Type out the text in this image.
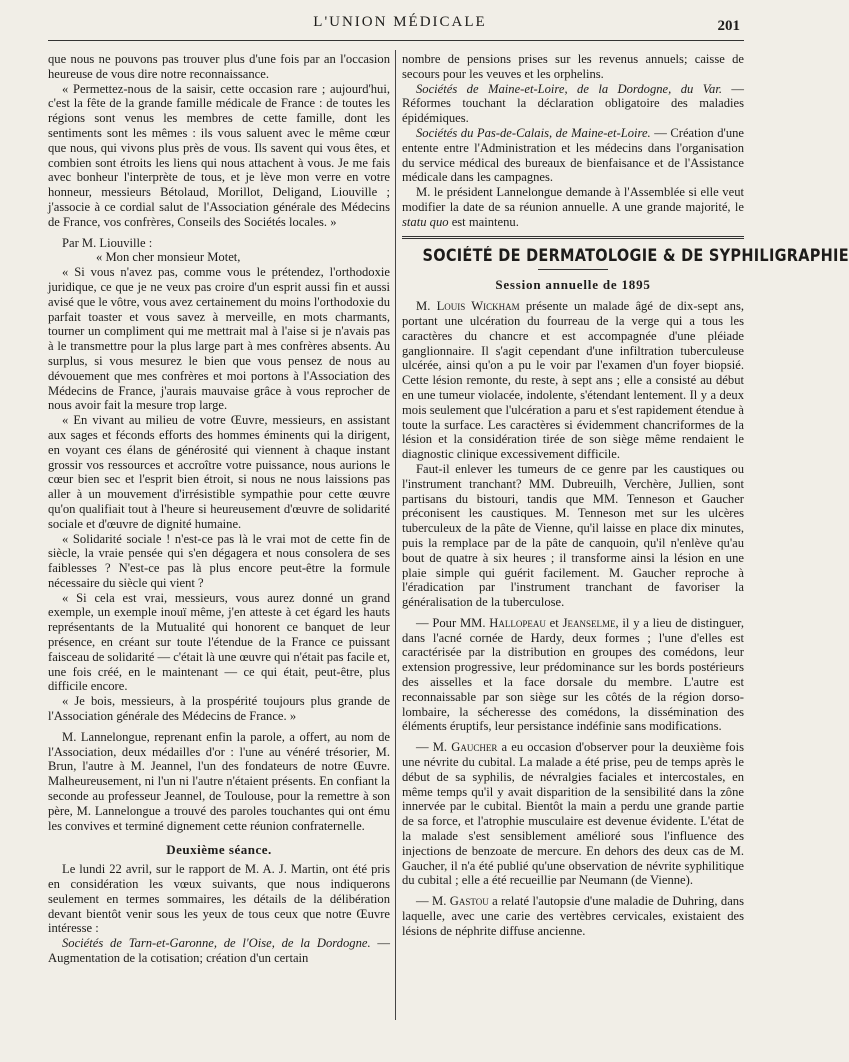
L'UNION MÉDICALE	201

que nous ne pouvons pas trouver plus d'une fois par an l'occasion heureuse de vous dire notre reconnaissance.

« Permettez-nous de la saisir, cette occasion rare ; aujourd'hui, c'est la fête de la grande famille médicale de France : de toutes les régions sont venus les membres de cette famille, dont les sentiments sont les mêmes : ils vous saluent avec le même cœur que nous, qui vivons plus près de vous. Ils savent qui vous êtes, et combien sont étroits les liens qui nous attachent à vous. Je me fais avec bonheur l'interprète de tous, et je lève mon verre en votre honneur, messieurs Bétolaud, Morillot, Deligand, Liouville ; j'associe à ce cordial salut de l'Association générale des Médecins de France, vos confrères, Conseils des Sociétés locales. »

Par M. Liouville :

« Mon cher monsieur Motet,

« Si vous n'avez pas, comme vous le prétendez, l'orthodoxie juridique, ce que je ne veux pas croire d'un esprit aussi fin et aussi avisé que le vôtre, vous avez certainement du moins l'orthodoxie du parfait toaster et vous savez à merveille, en mots charmants, tourner un compliment qui me mettrait mal à l'aise si je n'avais pas à le transmettre pour la plus large part à mes confrères absents. Au surplus, si vous mesurez le bien que vous pensez de nous au dévouement que mes confrères et moi portons à l'Association des Médecins de France, j'aurais mauvaise grâce à vous reprocher de nous avoir fait la mesure trop large.

« En vivant au milieu de votre Œuvre, messieurs, en assistant aux sages et féconds efforts des hommes éminents qui la dirigent, en voyant ces élans de générosité qui viennent à chaque instant grossir vos ressources et accroître votre puissance, nous aurions le cœur bien sec et l'esprit bien étroit, si nous ne nous laissions pas aller à un mouvement d'irrésistible sympathie pour cette œuvre qu'on qualifiait tout à l'heure si heureusement d'œuvre de solidarité sociale et d'œuvre de dignité humaine.

« Solidarité sociale ! n'est-ce pas là le vrai mot de cette fin de siècle, la vraie pensée qui s'en dégagera et nous consolera de ses faiblesses ? N'est-ce pas là plus encore peut-être la formule nécessaire du siècle qui vient ?

« Si cela est vrai, messieurs, vous aurez donné un grand exemple, un exemple inouï même, j'en atteste à cet égard les hauts représentants de la Mutualité qui honorent ce banquet de leur présence, en créant sur toute l'étendue de la France ce puissant faisceau de solidarité — c'était là une œuvre qui n'était pas facile et, une fois créé, en le maintenant — ce qui était, peut-être, plus difficile encore.

« Je bois, messieurs, à la prospérité toujours plus grande de l'Association générale des Médecins de France. »

M. Lannelongue, reprenant enfin la parole, a offert, au nom de l'Association, deux médailles d'or : l'une au vénéré trésorier, M. Brun, l'autre à M. Jeannel, l'un des fondateurs de notre Œuvre. Malheureusement, ni l'un ni l'autre n'étaient présents. En confiant la seconde au professeur Jeannel, de Toulouse, pour la remettre à son père, M. Lannelongue a trouvé des paroles touchantes qui ont ému les convives et terminé dignement cette réunion confraternelle.

Deuxième séance.

Le lundi 22 avril, sur le rapport de M. A. J. Martin, ont été pris en considération les vœux suivants, que nous indiquerons seulement en termes sommaires, les détails de la délibération devant bientôt venir sous les yeux de tous ceux que notre Œuvre intéresse :

Sociétés de Tarn-et-Garonne, de l'Oise, de la Dordogne. — Augmentation de la cotisation; création d'un certain

nombre de pensions prises sur les revenus annuels; caisse de secours pour les veuves et les orphelins.

Sociétés de Maine-et-Loire, de la Dordogne, du Var. — Réformes touchant la déclaration obligatoire des maladies épidémiques.

Sociétés du Pas-de-Calais, de Maine-et-Loire. — Création d'une entente entre l'Administration et les médecins dans l'organisation du service médical des bureaux de bienfaisance et de l'Assistance médicale dans les campagnes.

M. le président Lannelongue demande à l'Assemblée si elle veut modifier la date de sa réunion annuelle. A une grande majorité, le statu quo est maintenu.

SOCIÉTÉ DE DERMATOLOGIE & DE SYPHILIGRAPHIE
Session annuelle de 1895

M. Louis Wickham présente un malade âgé de dix-sept ans, portant une ulcération du fourreau de la verge qui a tous les caractères du chancre et est accompagnée d'une pléiade ganglionnaire. Il s'agit cependant d'une infiltration tuberculeuse ulcérée, ainsi qu'on a pu le voir par l'examen d'un foyer biopsié. Cette lésion remonte, du reste, à sept ans ; elle a consisté au début en une tumeur violacée, indolente, s'étendant lentement. Il y a deux mois seulement que l'ulcération a paru et s'est rapidement étendue à toute la surface. Les caractères si évidemment chancriformes de la lésion et la considération tirée de son siège même rendaient le diagnostic clinique excessivement difficile.

Faut-il enlever les tumeurs de ce genre par les caustiques ou l'instrument tranchant? MM. Dubreuilh, Verchère, Jullien, sont partisans du bistouri, tandis que MM. Tenneson et Gaucher préconisent les caustiques. M. Tenneson met sur les ulcères tuberculeux de la pâte de Vienne, qu'il laisse en place dix minutes, puis la remplace par de la pâte de canquoin, qu'il n'enlève qu'au bout de quatre à six heures ; il transforme ainsi la lésion en une plaie simple qui guérit facilement. M. Gaucher reproche à l'éradication par l'instrument tranchant de favoriser la généralisation de la tuberculose.

— Pour MM. Hallopeau et Jeanselme, il y a lieu de distinguer, dans l'acné cornée de Hardy, deux formes ; l'une d'elles est caractérisée par la distribution en groupes des comédons, leur extension progressive, leur prédominance sur les bords postérieurs des aisselles et la face dorsale du membre. L'autre est reconnaissable par son siège sur les côtés de la région dorso-lombaire, la sécheresse des comédons, la dissémination des éléments éruptifs, leur persistance indéfinie sans modifications.

— M. Gaucher a eu occasion d'observer pour la deuxième fois une névrite du cubital. La malade a été prise, peu de temps après le début de sa syphilis, de névralgies faciales et intercostales, en même temps qu'il y avait disparition de la sensibilité dans la zône innervée par le cubital. Bientôt la main a perdu une grande partie de sa force, et l'atrophie musculaire est devenue évidente. L'état de la malade s'est sensiblement amélioré sous l'influence des injections de benzoate de mercure. En dehors des deux cas de M. Gaucher, il n'a été publié qu'une observation de névrite syphilitique du cubital ; elle a été recueillie par Neumann (de Vienne).

— M. Gastou a relaté l'autopsie d'une maladie de Duhring, dans laquelle, avec une carie des vertèbres cervicales, existaient des lésions de néphrite diffuse ancienne.
